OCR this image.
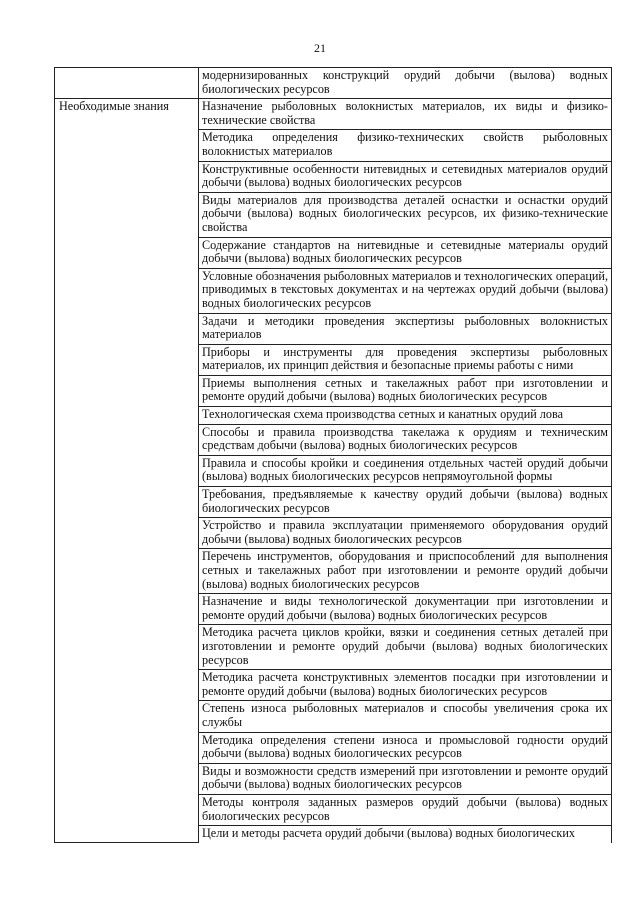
21
	модернизированных конструкций орудий добычи (вылова) водных биологических ресурсов
Необходимые знания	Назначение рыболовных волокнистых материалов, их виды и физико-технические свойства
	Методика определения физико-технических свойств рыболовных волокнистых материалов
	Конструктивные особенности нитевидных и сетевидных материалов орудий добычи (вылова) водных биологических ресурсов
	Виды материалов для производства деталей оснастки и оснастки орудий добычи (вылова) водных биологических ресурсов, их физико-технические свойства
	Содержание стандартов на нитевидные и сетевидные материалы орудий добычи (вылова) водных биологических ресурсов
	Условные обозначения рыболовных материалов и технологических операций, приводимых в текстовых документах и на чертежах орудий добычи (вылова) водных биологических ресурсов
	Задачи и методики проведения экспертизы рыболовных волокнистых материалов
	Приборы и инструменты для проведения экспертизы рыболовных материалов, их принцип действия и безопасные приемы работы с ними
	Приемы выполнения сетных и такелажных работ при изготовлении и ремонте орудий добычи (вылова) водных биологических ресурсов
	Технологическая схема производства сетных и канатных орудий лова
	Способы и правила производства такелажа к орудиям и техническим средствам добычи (вылова) водных биологических ресурсов
	Правила и способы кройки и соединения отдельных частей орудий добычи (вылова) водных биологических ресурсов непрямоугольной формы
	Требования, предъявляемые к качеству орудий добычи (вылова) водных биологических ресурсов
	Устройство и правила эксплуатации применяемого оборудования орудий добычи (вылова) водных биологических ресурсов
	Перечень инструментов, оборудования и приспособлений для выполнения сетных и такелажных работ при изготовлении и ремонте орудий добычи (вылова) водных биологических ресурсов
	Назначение и виды технологической документации при изготовлении и ремонте орудий добычи (вылова) водных биологических ресурсов
	Методика расчета циклов кройки, вязки и соединения сетных деталей при изготовлении и ремонте орудий добычи (вылова) водных биологических ресурсов
	Методика расчета конструктивных элементов посадки при изготовлении и ремонте орудий добычи (вылова) водных биологических ресурсов
	Степень износа рыболовных материалов и способы увеличения срока их службы
	Методика определения степени износа и промысловой годности орудий добычи (вылова) водных биологических ресурсов
	Виды и возможности средств измерений при изготовлении и ремонте орудий добычи (вылова) водных биологических ресурсов
	Методы контроля заданных размеров орудий добычи (вылова) водных биологических ресурсов
	Цели и методы расчета орудий добычи (вылова) водных биологических
